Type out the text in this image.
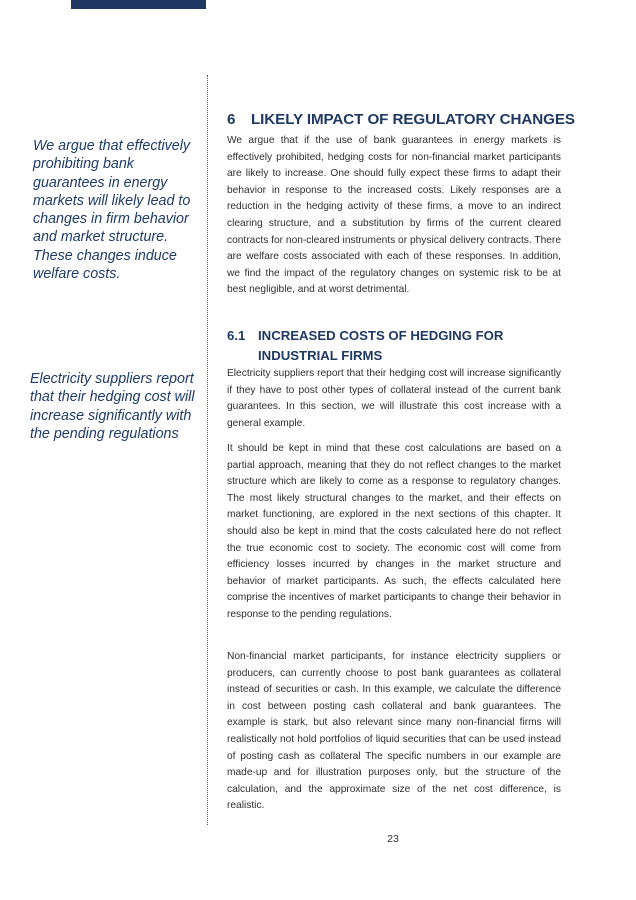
We argue that effectively prohibiting bank guarantees in energy markets will likely lead to changes in firm behavior and market structure. These changes induce welfare costs.

Electricity suppliers report that their hedging cost will increase significantly with the pending regulations

6 LIKELY IMPACT OF REGULATORY CHANGES

We argue that if the use of bank guarantees in energy markets is effectively prohibited, hedging costs for non-financial market participants are likely to increase. One should fully expect these firms to adapt their behavior in response to the increased costs. Likely responses are a reduction in the hedging activity of these firms, a move to an indirect clearing structure, and a substitution by firms of the current cleared contracts for non-cleared instruments or physical delivery contracts. There are welfare costs associated with each of these responses. In addition, we find the impact of the regulatory changes on systemic risk to be at best negligible, and at worst detrimental.

6.1 INCREASED COSTS OF HEDGING FOR
INDUSTRIAL FIRMS

Electricity suppliers report that their hedging cost will increase significantly if they have to post other types of collateral instead of the current bank guarantees. In this section, we will illustrate this cost increase with a general example.

It should be kept in mind that these cost calculations are based on a partial approach, meaning that they do not reflect changes to the market structure which are likely to come as a response to regulatory changes. The most likely structural changes to the market, and their effects on market functioning, are explored in the next sections of this chapter. It should also be kept in mind that the costs calculated here do not reflect the true economic cost to society. The economic cost will come from efficiency losses incurred by changes in the market structure and behavior of market participants. As such, the effects calculated here comprise the incentives of market participants to change their behavior in response to the pending regulations.

Non-financial market participants, for instance electricity suppliers or producers, can currently choose to post bank guarantees as collateral instead of securities or cash. In this example, we calculate the difference in cost between posting cash collateral and bank guarantees. The example is stark, but also relevant since many non-financial firms will realistically not hold portfolios of liquid securities that can be used instead of posting cash as collateral The specific numbers in our example are made-up and for illustration purposes only, but the structure of the calculation, and the approximate size of the net cost difference, is realistic.

23
